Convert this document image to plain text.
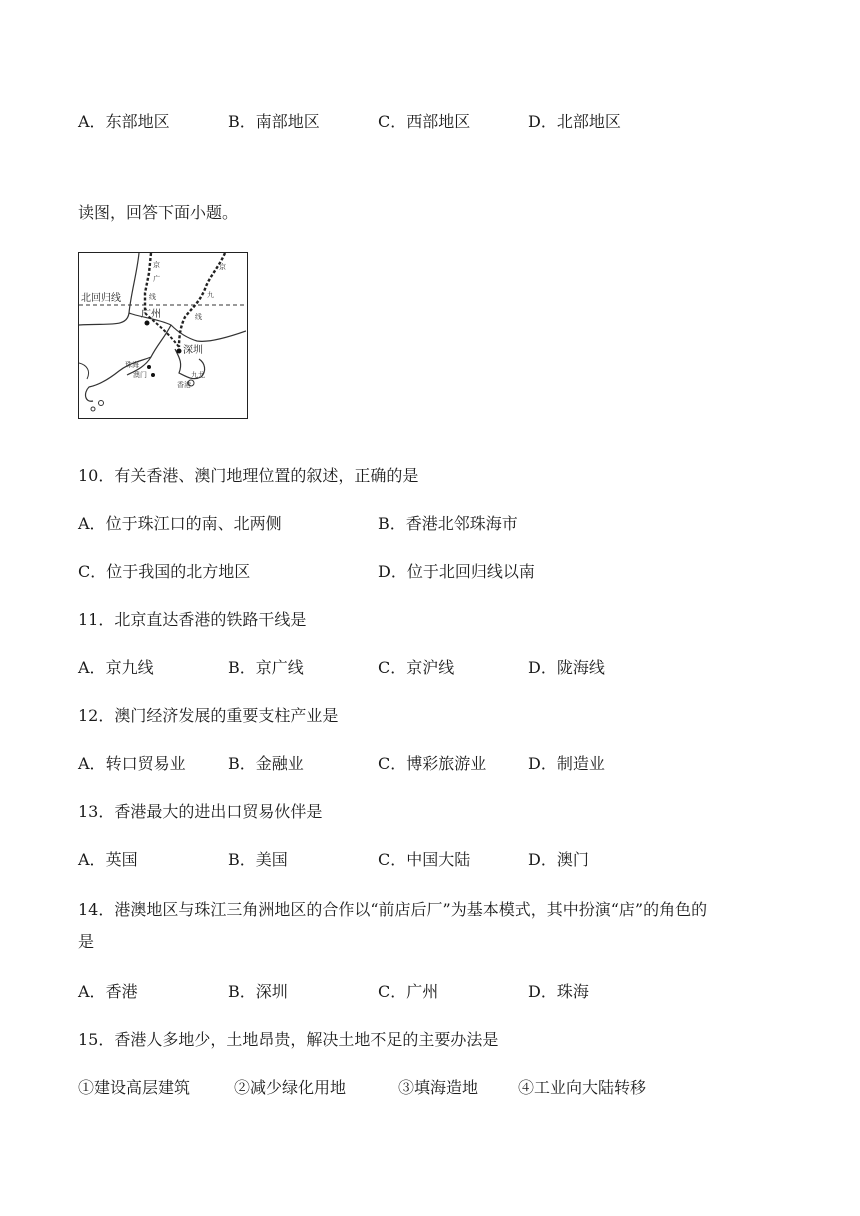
A．东部地区	B．南部地区	C．西部地区	D．北部地区
读图，回答下面小题。
北回归线
广州
深圳
珠海
澳门	九龙
香港
京
广
线
京
九
线
10．有关香港、澳门地理位置的叙述，正确的是
A．位于珠江口的南、北两侧	B．香港北邻珠海市
C．位于我国的北方地区	D．位于北回归线以南
11．北京直达香港的铁路干线是
A．京九线	B．京广线	C．京沪线	D．陇海线
12．澳门经济发展的重要支柱产业是
A．转口贸易业	B．金融业	C．博彩旅游业	D．制造业
13．香港最大的进出口贸易伙伴是
A．英国	B．美国	C．中国大陆	D．澳门
14．港澳地区与珠江三角洲地区的合作以“前店后厂”为基本模式，其中扮演“店”的角色的
是
A．香港	B．深圳	C．广州	D．珠海
15．香港人多地少，土地昂贵，解决土地不足的主要办法是
①建设高层建筑	②减少绿化用地	③填海造地 ④工业向大陆转移
